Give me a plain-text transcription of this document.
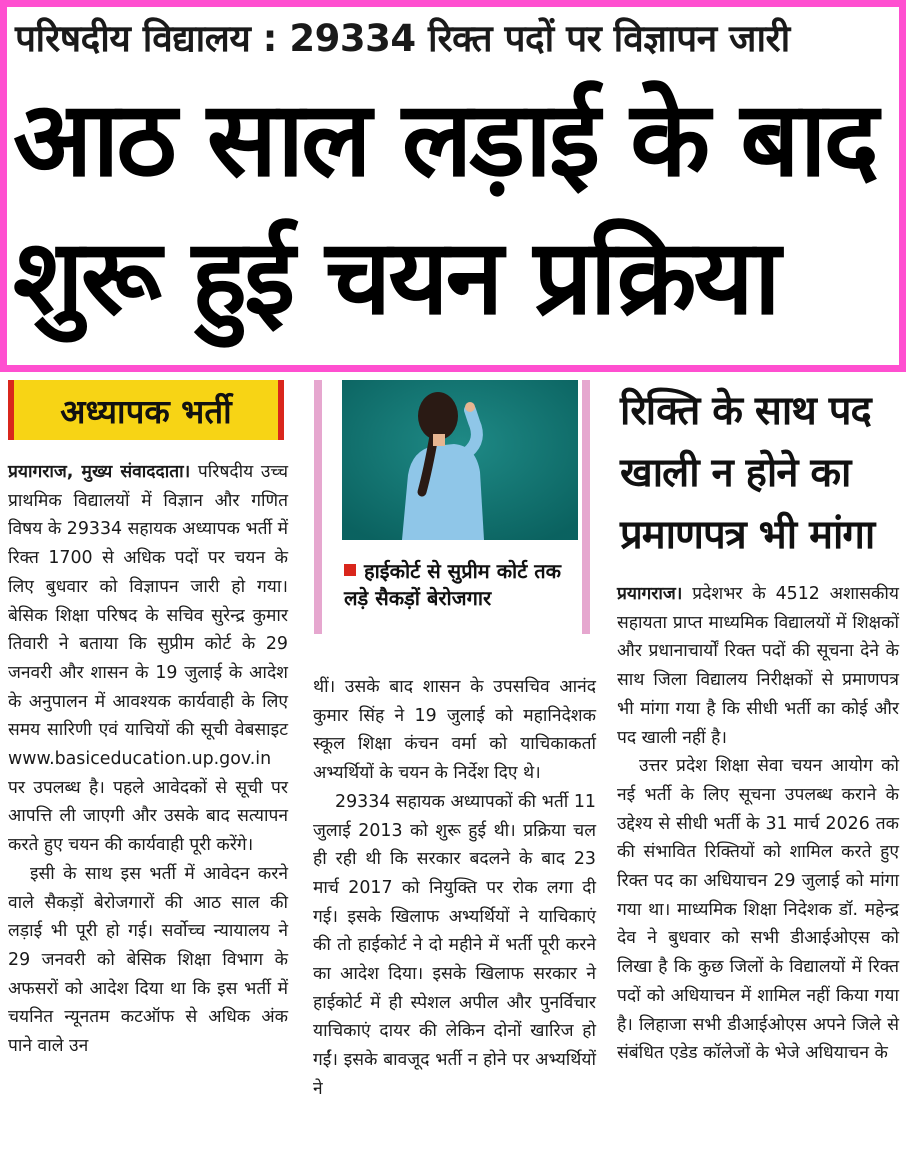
परिषदीय विद्यालय : 29334 रिक्त पदों पर विज्ञापन जारी
आठ साल लड़ाई के बाद
शुरू हुई चयन प्रक्रिया
अध्यापक भर्ती

प्रयागराज, मुख्य संवाददाता। परिषदीय उच्च प्राथमिक विद्यालयों में विज्ञान और गणित विषय के 29334 सहायक अध्यापक भर्ती में रिक्त 1700 से अधिक पदों पर चयन के लिए बुधवार को विज्ञापन जारी हो गया। बेसिक शिक्षा परिषद के सचिव सुरेन्द्र कुमार तिवारी ने बताया कि सुप्रीम कोर्ट के 29 जनवरी और शासन के 19 जुलाई के आदेश के अनुपालन में आवश्यक कार्यवाही के लिए समय सारिणी एवं याचियों की सूची वेबसाइट www.basiceducation.up.gov.in पर उपलब्ध है। पहले आवेदकों से सूची पर आपत्ति ली जाएगी और उसके बाद सत्यापन करते हुए चयन की कार्यवाही पूरी करेंगे।

इसी के साथ इस भर्ती में आवेदन करने वाले सैकड़ों बेरोजगारों की आठ साल की लड़ाई भी पूरी हो गई। सर्वोच्च न्यायालय ने 29 जनवरी को बेसिक शिक्षा विभाग के अफसरों को आदेश दिया था कि इस भर्ती में चयनित न्यूनतम कटऑफ से अधिक अंक पाने वाले उन

हाईकोर्ट से सुप्रीम कोर्ट तक लड़े सैकड़ों बेरोजगार

थीं। उसके बाद शासन के उपसचिव आनंद कुमार सिंह ने 19 जुलाई को महानिदेशक स्कूल शिक्षा कंचन वर्मा को याचिकाकर्ता अभ्यर्थियों के चयन के निर्देश दिए थे।

29334 सहायक अध्यापकों की भर्ती 11 जुलाई 2013 को शुरू हुई थी। प्रक्रिया चल ही रही थी कि सरकार बदलने के बाद 23 मार्च 2017 को नियुक्ति पर रोक लगा दी गई। इसके खिलाफ अभ्यर्थियों ने याचिकाएं की तो हाईकोर्ट ने दो महीने में भर्ती पूरी करने का आदेश दिया। इसके खिलाफ सरकार ने हाईकोर्ट में ही स्पेशल अपील और पुनर्विचार याचिकाएं दायर की लेकिन दोनों खारिज हो गईं। इसके बावजूद भर्ती न होने पर अभ्यर्थियों ने

रिक्ति के साथ पद खाली न होने का प्रमाणपत्र भी मांगा

प्रयागराज। प्रदेशभर के 4512 अशासकीय सहायता प्राप्त माध्यमिक विद्यालयों में शिक्षकों और प्रधानाचार्यों रिक्त पदों की सूचना देने के साथ जिला विद्यालय निरीक्षकों से प्रमाणपत्र भी मांगा गया है कि सीधी भर्ती का कोई और पद खाली नहीं है।

उत्तर प्रदेश शिक्षा सेवा चयन आयोग को नई भर्ती के लिए सूचना उपलब्ध कराने के उद्देश्य से सीधी भर्ती के 31 मार्च 2026 तक की संभावित रिक्तियों को शामिल करते हुए रिक्त पद का अधियाचन 29 जुलाई को मांगा गया था। माध्यमिक शिक्षा निदेशक डॉ. महेन्द्र देव ने बुधवार को सभी डीआईओएस को लिखा है कि कुछ जिलों के विद्यालयों में रिक्त पदों को अधियाचन में शामिल नहीं किया गया है। लिहाजा सभी डीआईओएस अपने जिले से संबंधित एडेड कॉलेजों के भेजे अधियाचन के
